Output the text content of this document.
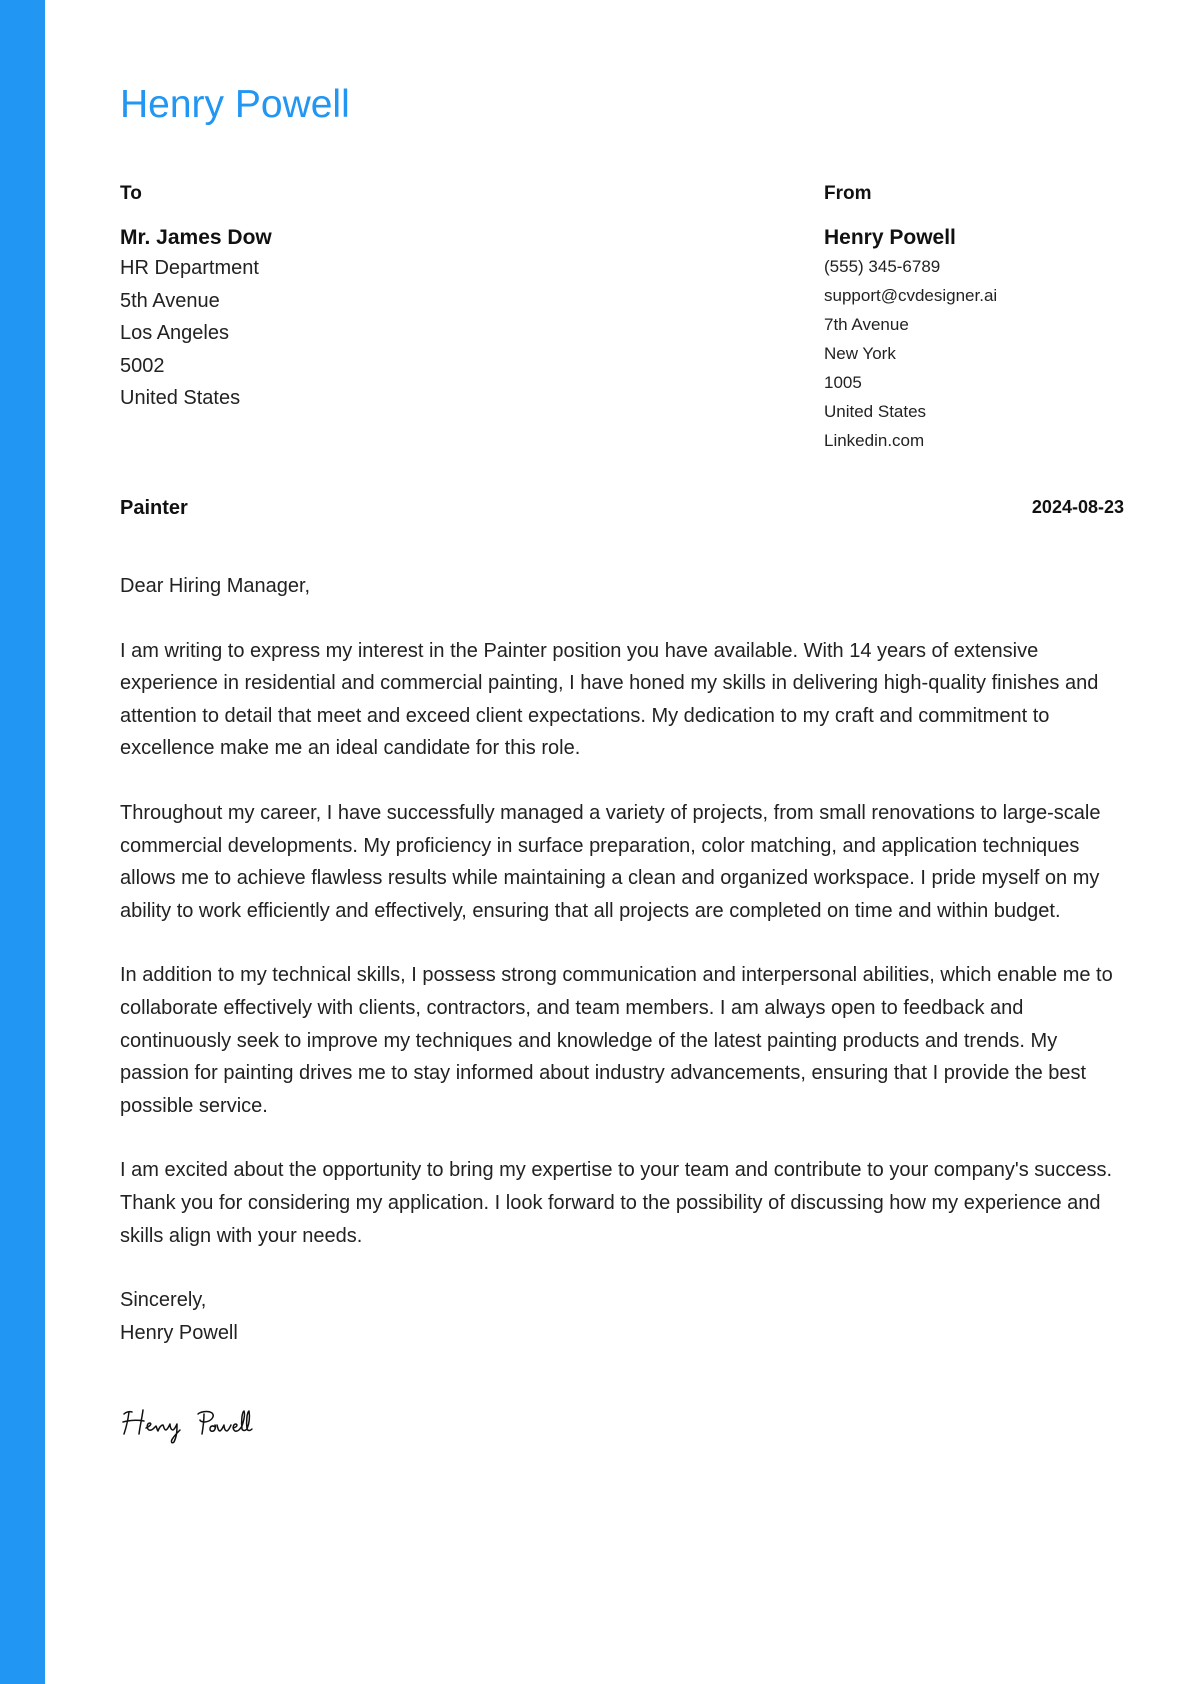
Henry Powell
To
Mr. James Dow
HR Department
5th Avenue
Los Angeles
5002
United States
From
Henry Powell
(555) 345-6789
support@cvdesigner.ai
7th Avenue
New York
1005
United States
Linkedin.com
Painter	2024-08-23

Dear Hiring Manager,

I am writing to express my interest in the Painter position you have available. With 14 years of extensive experience in residential and commercial painting, I have honed my skills in delivering high-quality finishes and attention to detail that meet and exceed client expectations. My dedication to my craft and commitment to excellence make me an ideal candidate for this role.

Throughout my career, I have successfully managed a variety of projects, from small renovations to large-scale commercial developments. My proficiency in surface preparation, color matching, and application techniques allows me to achieve flawless results while maintaining a clean and organized workspace. I pride myself on my ability to work efficiently and effectively, ensuring that all projects are completed on time and within budget.

In addition to my technical skills, I possess strong communication and interpersonal abilities, which enable me to collaborate effectively with clients, contractors, and team members. I am always open to feedback and continuously seek to improve my techniques and knowledge of the latest painting products and trends. My passion for painting drives me to stay informed about industry advancements, ensuring that I provide the best possible service.

I am excited about the opportunity to bring my expertise to your team and contribute to your company's success. Thank you for considering my application. I look forward to the possibility of discussing how my experience and skills align with your needs.

Sincerely,

Henry Powell
